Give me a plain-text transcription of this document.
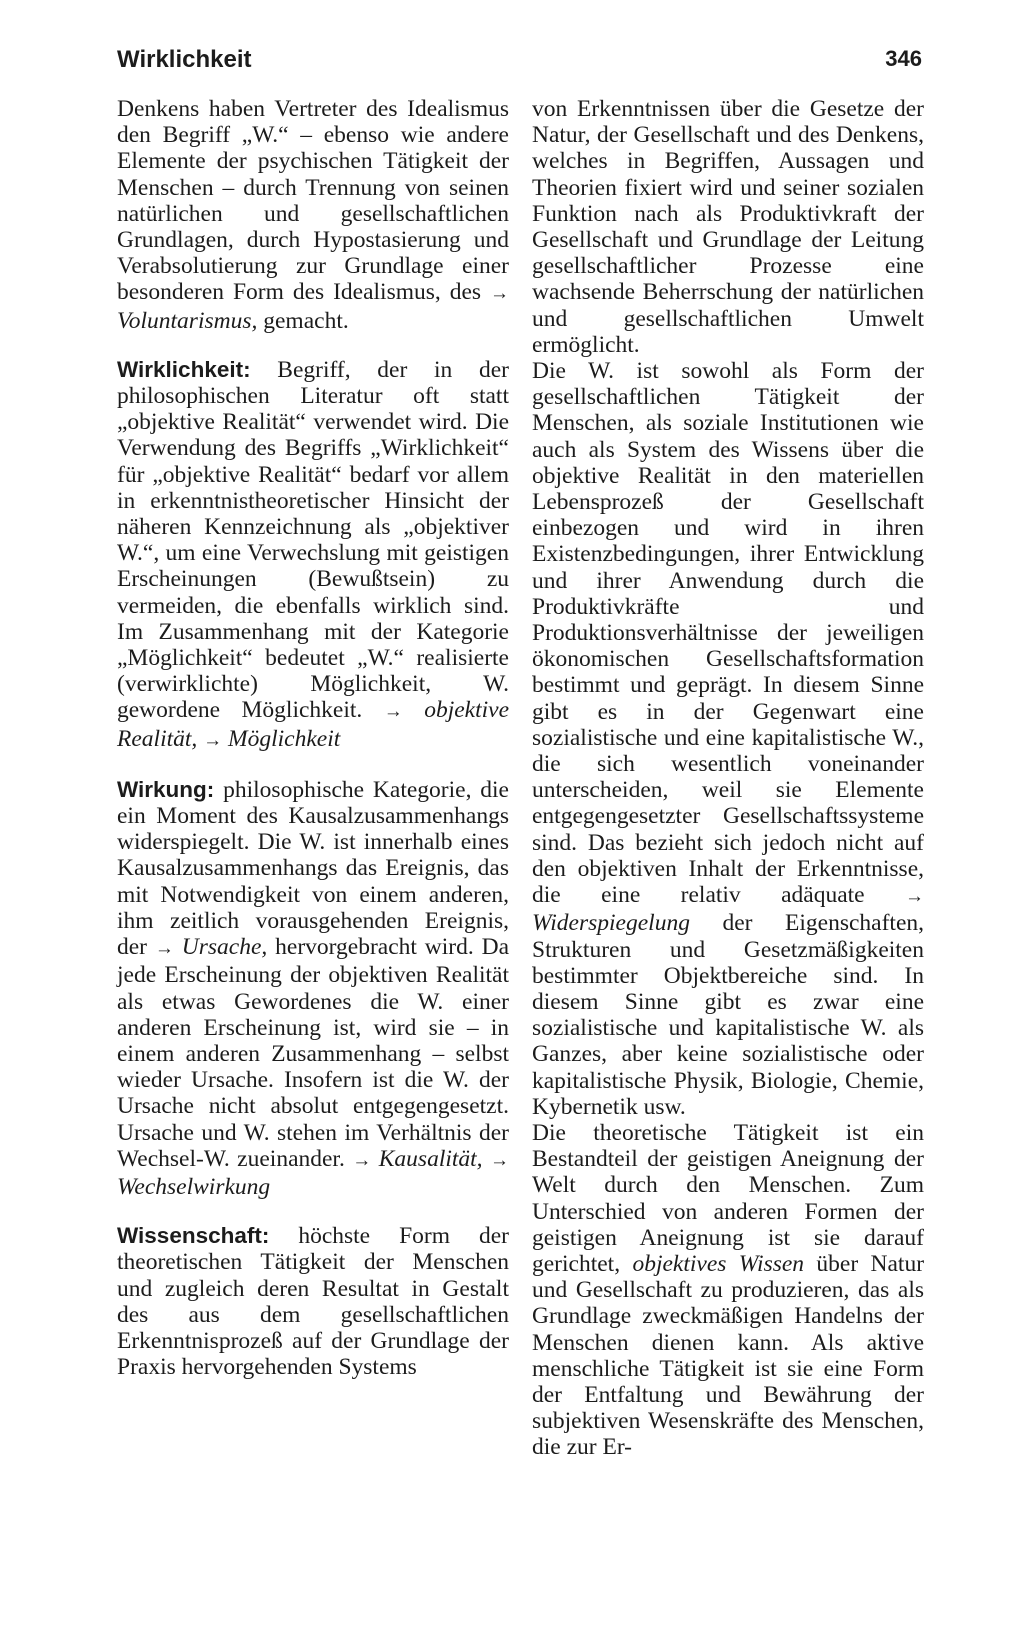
Wirklichkeit	346

Denkens haben Vertreter des Idealismus den Begriff „W.“ – ebenso wie andere Elemente der psychischen Tätigkeit der Menschen – durch Trennung von seinen natürlichen und gesellschaftlichen Grundlagen, durch Hypostasierung und Verabsolutierung zur Grundlage einer besonderen Form des Idealismus, des → Voluntarismus, gemacht.

Wirklichkeit: Begriff, der in der philosophischen Literatur oft statt „objektive Realität“ verwendet wird. Die Verwendung des Begriffs „Wirklichkeit“ für „objektive Realität“ bedarf vor allem in erkenntnistheoretischer Hinsicht der näheren Kennzeichnung als „objektiver W.“, um eine Verwechslung mit geistigen Erscheinungen (Bewußtsein) zu vermeiden, die ebenfalls wirklich sind. Im Zusammenhang mit der Kategorie „Möglichkeit“ bedeutet „W.“ realisierte (verwirklichte) Möglichkeit, W. gewordene Möglichkeit. → objektive Realität, → Möglichkeit

Wirkung: philosophische Kategorie, die ein Moment des Kausalzusammenhangs widerspiegelt. Die W. ist innerhalb eines Kausalzusammenhangs das Ereignis, das mit Notwendigkeit von einem anderen, ihm zeitlich vorausgehenden Ereignis, der → Ursache, hervorgebracht wird. Da jede Erscheinung der objektiven Realität als etwas Gewordenes die W. einer anderen Erscheinung ist, wird sie – in einem anderen Zusammenhang – selbst wieder Ursache. Insofern ist die W. der Ursache nicht absolut entgegengesetzt. Ursache und W. stehen im Verhältnis der Wechsel-W. zueinander. → Kausalität, → Wechselwirkung

Wissenschaft: höchste Form der theoretischen Tätigkeit der Menschen und zugleich deren Resultat in Gestalt des aus dem gesellschaftlichen Erkenntnisprozeß auf der Grundlage der Praxis hervorgehenden Systems

von Erkenntnissen über die Gesetze der Natur, der Gesellschaft und des Denkens, welches in Begriffen, Aussagen und Theorien fixiert wird und seiner sozialen Funktion nach als Produktivkraft der Gesellschaft und Grundlage der Leitung gesellschaftlicher Prozesse eine wachsende Beherrschung der natürlichen und gesellschaftlichen Umwelt ermöglicht.

Die W. ist sowohl als Form der gesellschaftlichen Tätigkeit der Menschen, als soziale Institutionen wie auch als System des Wissens über die objektive Realität in den materiellen Lebensprozeß der Gesellschaft einbezogen und wird in ihren Existenzbedingungen, ihrer Entwicklung und ihrer Anwendung durch die Produktivkräfte und Produktionsverhältnisse der jeweiligen ökonomischen Gesellschaftsformation bestimmt und geprägt. In diesem Sinne gibt es in der Gegenwart eine sozialistische und eine kapitalistische W., die sich wesentlich voneinander unterscheiden, weil sie Elemente entgegengesetzter Gesellschaftssysteme sind. Das bezieht sich jedoch nicht auf den objektiven Inhalt der Erkenntnisse, die eine relativ adäquate → Widerspiegelung der Eigenschaften, Strukturen und Gesetzmäßigkeiten bestimmter Objektbereiche sind. In diesem Sinne gibt es zwar eine sozialistische und kapitalistische W. als Ganzes, aber keine sozialistische oder kapitalistische Physik, Biologie, Chemie, Kybernetik usw.

Die theoretische Tätigkeit ist ein Bestandteil der geistigen Aneignung der Welt durch den Menschen. Zum Unterschied von anderen Formen der geistigen Aneignung ist sie darauf gerichtet, objektives Wissen über Natur und Gesellschaft zu produzieren, das als Grundlage zweckmäßigen Handelns der Menschen dienen kann. Als aktive menschliche Tätigkeit ist sie eine Form der Entfaltung und Bewährung der subjektiven Wesenskräfte des Menschen, die zur Er-
